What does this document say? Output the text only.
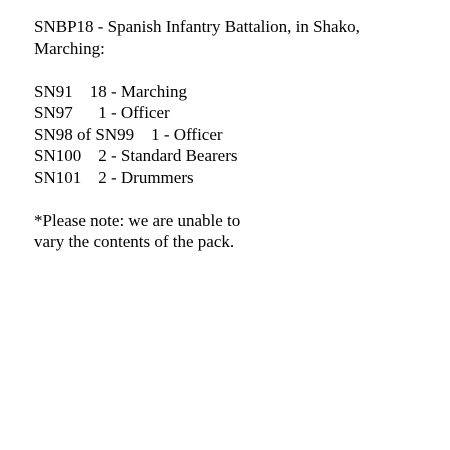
SNBP18 - Spanish Infantry Battalion, in Shako,
Marching:
SN91 18 - Marching
SN97 1 - Officer
SN98 of SN99 1 - Officer
SN100 2 - Standard Bearers
SN101 2 - Drummers
*Please note: we are unable to
vary the contents of the pack.
